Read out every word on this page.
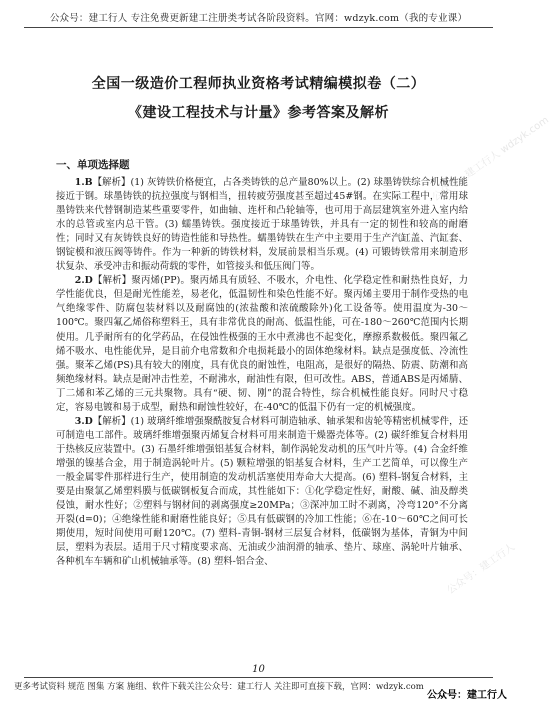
公众号：建工行人 专注免费更新建工注册类考试各阶段资料。官网：wdzyk.com（我的专业课）
全国一级造价工程师执业资格考试精编模拟卷（二）
《建设工程技术与计量》参考答案及解析
一、单项选择题

1.B【解析】(1) 灰铸铁价格便宜，占各类铸铁的总产量80%以上。(2) 球墨铸铁综合机械性能接近于钢。球墨铸铁的抗拉强度与钢相当，扭转疲劳强度甚至超过45#钢。在实际工程中，常用球墨铸铁来代替钢制造某些重要零件，如曲轴、连杆和凸轮轴等，也可用于高层建筑室外进入室内给水的总管或室内总干管。(3) 蠕墨铸铁。强度接近于球墨铸铁，并具有一定的韧性和较高的耐磨性；同时又有灰铸铁良好的铸造性能和导热性。蠕墨铸铁在生产中主要用于生产汽缸盖、汽缸套、钢锭模和液压阀等铸件。作为一种新的铸铁材料，发展前景相当乐观。(4) 可锻铸铁常用来制造形状复杂、承受冲击和振动荷载的零件，如管接头和低压阀门等。

2.D【解析】聚丙烯(PP)。聚丙烯具有质轻、不吸水，介电性、化学稳定性和耐热性良好，力学性能优良，但是耐光性能差，易老化，低温韧性和染色性能不好。聚丙烯主要用于制作受热的电气绝缘零件、防腐包装材料以及耐腐蚀的(浓盐酸和浓硫酸除外)化工设备等。使用温度为-30～100℃。聚四氟乙烯俗称塑料王，具有非常优良的耐高、低温性能，可在-180～260℃范围内长期使用。几乎耐所有的化学药品，在侵蚀性极强的王水中煮沸也不起变化，摩擦系数极低。聚四氟乙烯不吸水、电性能优异，是目前介电常数和介电损耗最小的固体绝缘材料。缺点是强度低、冷流性强。聚苯乙烯(PS)具有较大的刚度，具有优良的耐蚀性，电阻高，是很好的隔热、防震、防潮和高频绝缘材料。缺点是耐冲击性差，不耐沸水，耐油性有限，但可改性。ABS，普通ABS是丙烯腈、丁二烯和苯乙烯的三元共聚物。具有“硬、韧、刚”的混合特性，综合机械性能良好。同时尺寸稳定，容易电镀和易于成型，耐热和耐蚀性较好，在-40℃的低温下仍有一定的机械强度。

3.D【解析】(1) 玻璃纤维增强聚酰胺复合材料可制造轴承、轴承架和齿轮等精密机械零件，还可制造电工部件。玻璃纤维增强聚丙烯复合材料可用来制造干燥器壳体等。(2) 碳纤维复合材料用于热核反应装置中。(3) 石墨纤维增强铝基复合材料，制作涡轮发动机的压气叶片等。(4) 合金纤维增强的镍基合金，用于制造涡轮叶片。(5) 颗粒增强的铝基复合材料，生产工艺简单，可以像生产一般金属零件那样进行生产，使用制造的发动机活塞使用寿命大大提高。(6) 塑料-钢复合材料，主要是由聚氯乙烯塑料膜与低碳钢板复合而成，其性能如下：①化学稳定性好，耐酸、碱、油及醇类侵蚀，耐水性好；②塑料与钢材间的剥离强度≥20MPa；③深冲加工时不剥离，冷弯120°不分离开裂(d=0)；④绝缘性能和耐磨性能良好；⑤具有低碳钢的冷加工性能；⑥在-10～60℃之间可长期使用，短时间使用可耐120℃。(7) 塑料-青铜-钢材三层复合材料，低碳钢为基体，青铜为中间层，塑料为表层。适用于尺寸精度要求高、无油或少油润滑的轴承、垫片、球座、涡轮叶片轴承、各种机车车辆和矿山机械轴承等。(8) 塑料-铝合金、

公众号：建工行人 wdzyk.com
公众号：建工行人
10
更多考试资料 规范 图集 方案 施组、软件下载关注公众号：建工行人 关注即可直接下载，官网：wdzyk.com
公众号：建工行人
